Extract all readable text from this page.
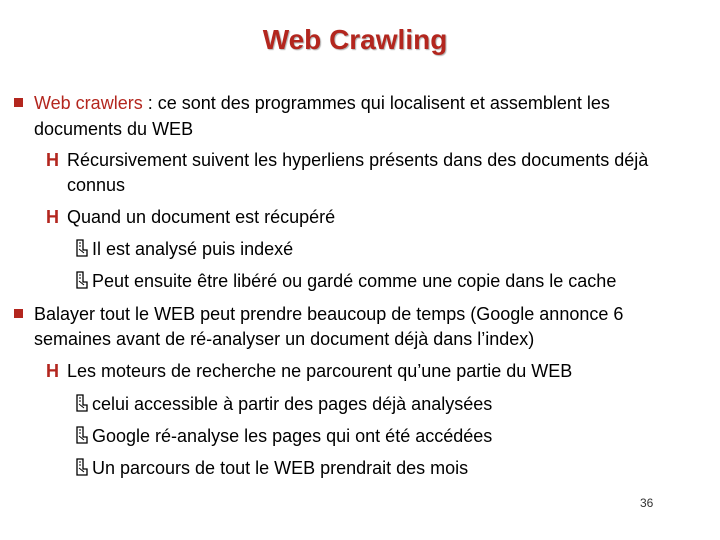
Web Crawling
Web crawlers : ce sont des programmes qui localisent et assemblent les
documents du WEB
H Récursivement suivent les hyperliens présents dans des documents déjà
connus
H Quand un document est récupéré
Il est analysé puis indexé
Peut ensuite être libéré ou gardé comme une copie dans le cache
Balayer tout le WEB peut prendre beaucoup de temps (Google annonce 6
semaines avant de ré-analyser un document déjà dans l’index)
H Les moteurs de recherche ne parcourent qu’une partie du WEB
celui accessible à partir des pages déjà analysées
Google ré-analyse les pages qui ont été accédées
Un parcours de tout le WEB prendrait des mois
36
